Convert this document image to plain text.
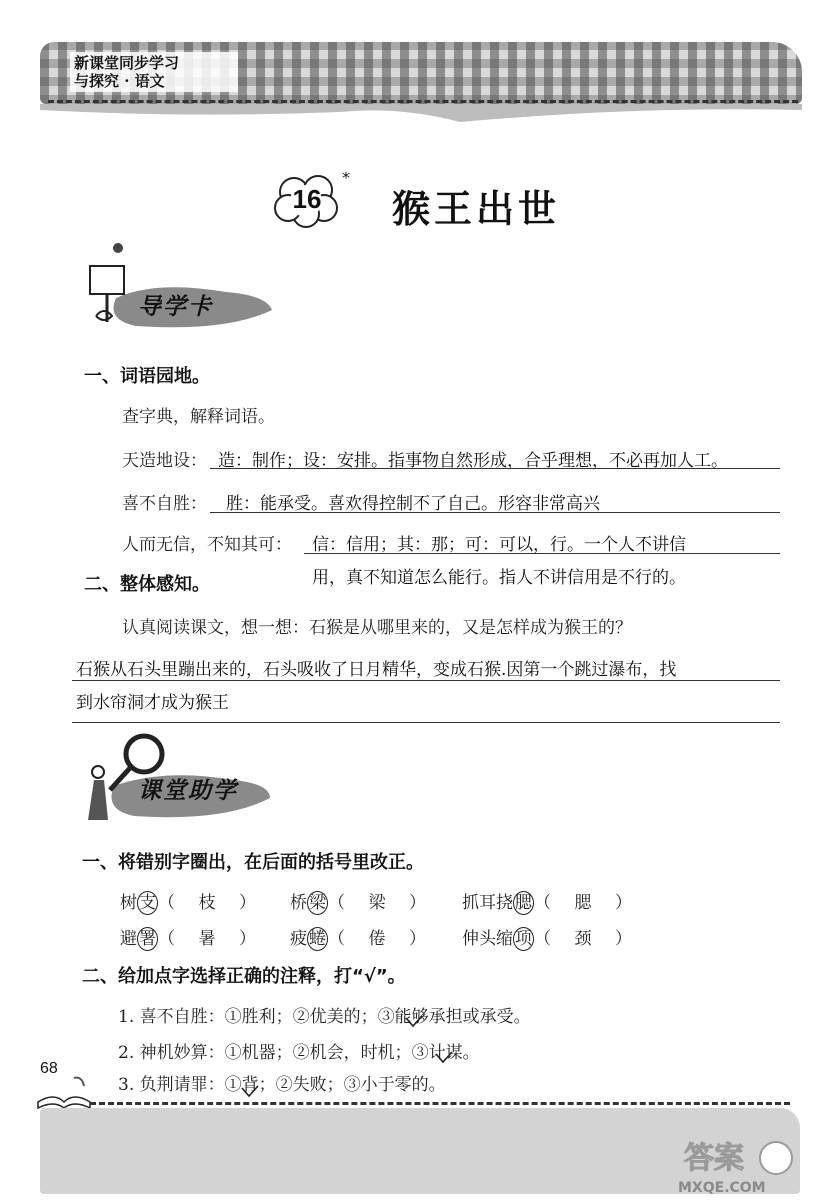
新课堂同步学习
与探究 · 语文
16
*
猴王出世
导学卡
一、词语园地。
查字典，解释词语。
天造地设： 造：制作；设：安排。指事物自然形成，合乎理想，不必再加人工。
喜不自胜： 胜：能承受。喜欢得控制不了自己。形容非常高兴
人而无信，不知其可： 信：信用；其：那；可：可以，行。一个人不讲信
用，真不知道怎么能行。指人不讲信用是不行的。
二、整体感知。
认真阅读课文，想一想：石猴是从哪里来的，又是怎样成为猴王的？
石猴从石头里蹦出来的，石头吸收了日月精华，变成石猴.因第一个跳过瀑布，找
到水帘洞才成为猴王
课堂助学
一、将错别字圈出，在后面的括号里改正。
树 支 （ 枝 ） 桥 梁 （ 梁 ） 抓耳挠 腮 （ 腮 ）
避 署 （ 暑 ） 疲 蜷 （ 倦 ） 伸头缩 项 （ 颈 ）
二、给加点字选择正确的注释，打“√”。
1. 喜不自胜：①胜利；②优美的；③能够承担或承受。
2. 神机妙算：①机器；②机会，时机；③计谋。
3. 负荆请罪：①背；②失败；③小于零的。
68
答案
MXQE.COM
